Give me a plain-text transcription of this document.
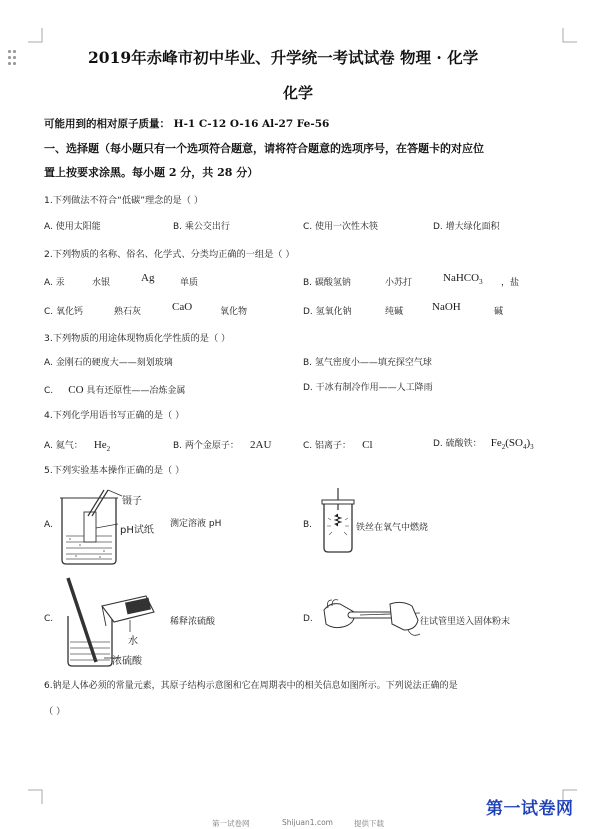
2019年赤峰市初中毕业、升学统一考试试卷 物理 · 化学
化学
可能用到的相对原子质量： H-1 C-12 O-16 Al-27 Fe-56
一、选择题（每小题只有一个选项符合题意，请将符合题意的选项序号，在答题卡的对应位
置上按要求涂黑。每小题 2 分，共 28 分）
1.下列做法不符合“低碳”理念的是（ ）
A. 使用太阳能	B. 乘公交出行	C. 使用一次性木筷	D. 增大绿化面积
2.下列物质的名称、俗名、化学式、分类均正确的一组是（ ）
A. 汞	水银	Ag	单质	B. 碳酸氢钠	小苏打	NaHCO$_3$ ，盐
C. 氧化钙	熟石灰	CaO	氧化物	D. 氢氧化钠	纯碱	NaOH	碱
3.下列物质的用途体现物质化学性质的是（ ）
A. 金刚石的硬度大——刻划玻璃	B. 氢气密度小——填充探空气球
C. CO 具有还原性——冶炼金属	D. 干冰有制冷作用——人工降雨
4.下列化学用语书写正确的是（ ）
A. 氦气： $He_2$	B. 两个金原子： 2AU	C. 铝离子： Cl	D. 硫酸铁： $Fe_2(SO_4)_3$
5.下列实验基本操作正确的是（ ）
A.
镊子
pH试纸
测定溶液 pH	B.	铁丝在氧气中燃烧
C.	稀释浓硫酸
水
浓硫酸
D.	往试管里送入固体粉末
6.钠是人体必须的常量元素，其原子结构示意图和它在周期表中的相关信息如图所示。下列说法正确的是
（ ）
第一试卷网	Shijuan1.com	提供下载
第一试卷网
